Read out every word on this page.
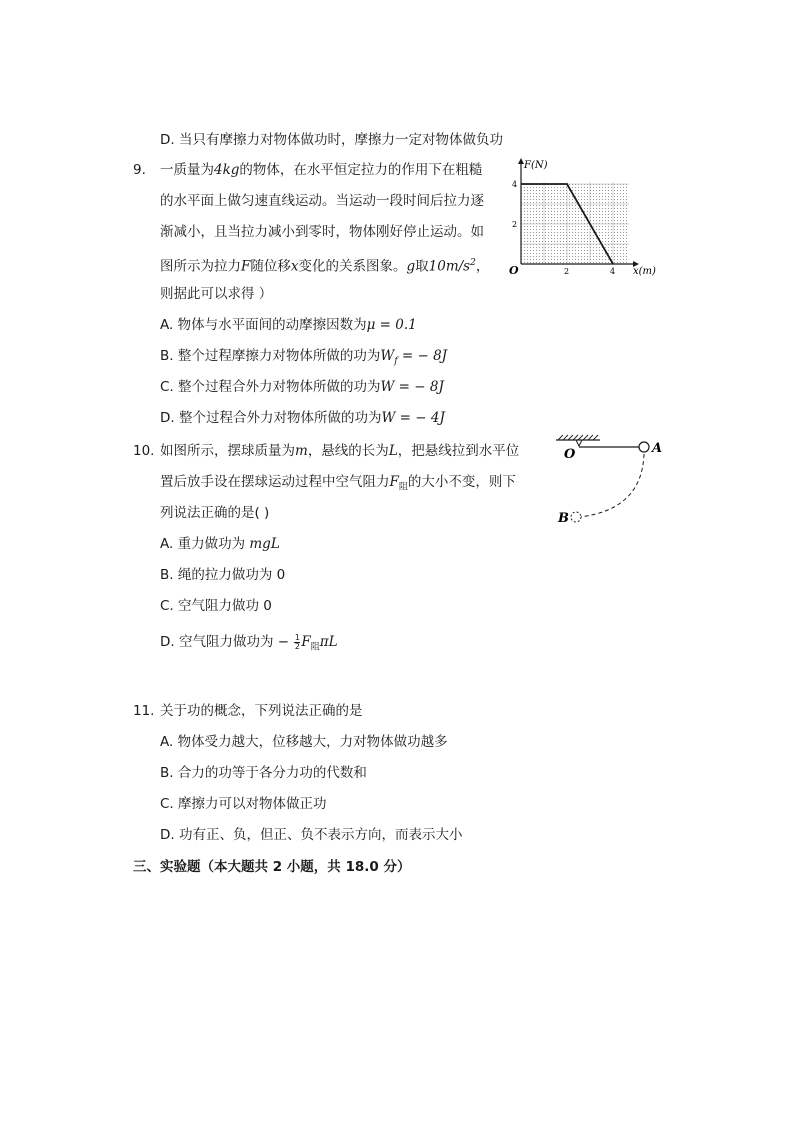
D. 当只有摩擦力对物体做功时，摩擦力一定对物体做负功
9. 一质量为4kg的物体，在水平恒定拉力的作用下在粗糙
的水平面上做匀速直线运动。当运动一段时间后拉力逐
渐减小，且当拉力减小到零时，物体刚好停止运动。如
图所示为拉力F随位移x变化的关系图象。g取$10m/s^2$，
则据此可以求得 ）
A. 物体与水平面间的动摩擦因数为μ = 0.1
B. 整个过程摩擦力对物体所做的功为$W_f$ = − 8J
C. 整个过程合外力对物体所做的功为W = − 8J
D. 整个过程合外力对物体所做的功为W = − 4J
F(N)
x(m)
O	2	4
2
4
10. 如图所示，摆球质量为m，悬线的长为L，把悬线拉到水平位
置后放手设在摆球运动过程中空气阻力$F_阻$的大小不变，则下
列说法正确的是( )
A. 重力做功为 mgL
B. 绳的拉力做功为 0
C. 空气阻力做功 0
D. 空气阻力做功为 − $\frac{1}{2} F_阻\pi L$
O	A
B
11. 关于功的概念，下列说法正确的是
A. 物体受力越大，位移越大，力对物体做功越多
B. 合力的功等于各分力功的代数和
C. 摩擦力可以对物体做正功
D. 功有正、负，但正、负不表示方向，而表示大小
三、实验题（本大题共 2 小题，共 18.0 分）
